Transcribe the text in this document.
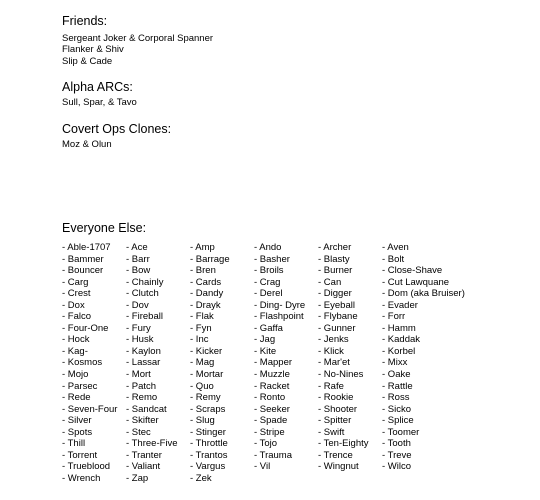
Friends:

Sergeant Joker & Corporal Spanner

Flanker & Shiv

Slip & Cade

Alpha ARCs:

Sull, Spar, & Tavo

Covert Ops Clones:

Moz & Olun

Everyone Else:
- Able-1707
- Bammer
- Bouncer
- Carg
- Crest
- Dox
- Falco
- Four-One
- Hock
- Kag-
- Kosmos
- Mojo
- Parsec
- Rede
- Seven-Four
- Silver
- Spots
- Thill
- Torrent
- Trueblood
- Wrench
- Ace
- Barr
- Bow
- Chainly
- Clutch
- Dov
- Fireball
- Fury
- Husk
- Kaylon
- Lassar
- Mort
- Patch
- Remo
- Sandcat
- Skifter
- Stec
- Three-Five
- Tranter
- Valiant
- Zap
- Amp
- Barrage
- Bren
- Cards
- Dandy
- Drayk
- Flak
- Fyn
- Inc
- Kicker
- Mag
- Mortar
- Quo
- Remy
- Scraps
- Slug
- Stinger
- Throttle
- Trantos
- Vargus
- Zek
- Ando
- Basher
- Broils
- Crag
- Derel
- Ding- Dyre
- Flashpoint
- Gaffa
- Jag
- Kite
- Mapper
- Muzzle
- Racket
- Ronto
- Seeker
- Spade
- Stripe
- Tojo
- Trauma
- Vil
- Archer
- Blasty
- Burner
- Can
- Digger
- Eyeball
- Flybane
- Gunner
- Jenks
- Klick
- Mar'et
- No-Nines
- Rafe
- Rookie
- Shooter
- Spitter
- Swift
- Ten-Eighty
- Trence
- Wingnut
- Aven
- Bolt
- Close-Shave
- Cut Lawquane
- Dom (aka Bruiser)
- Evader
- Forr
- Hamm
- Kaddak
- Korbel
- Mixx
- Oake
- Rattle
- Ross
- Sicko
- Splice
- Toomer
- Tooth
- Treve
- Wilco
